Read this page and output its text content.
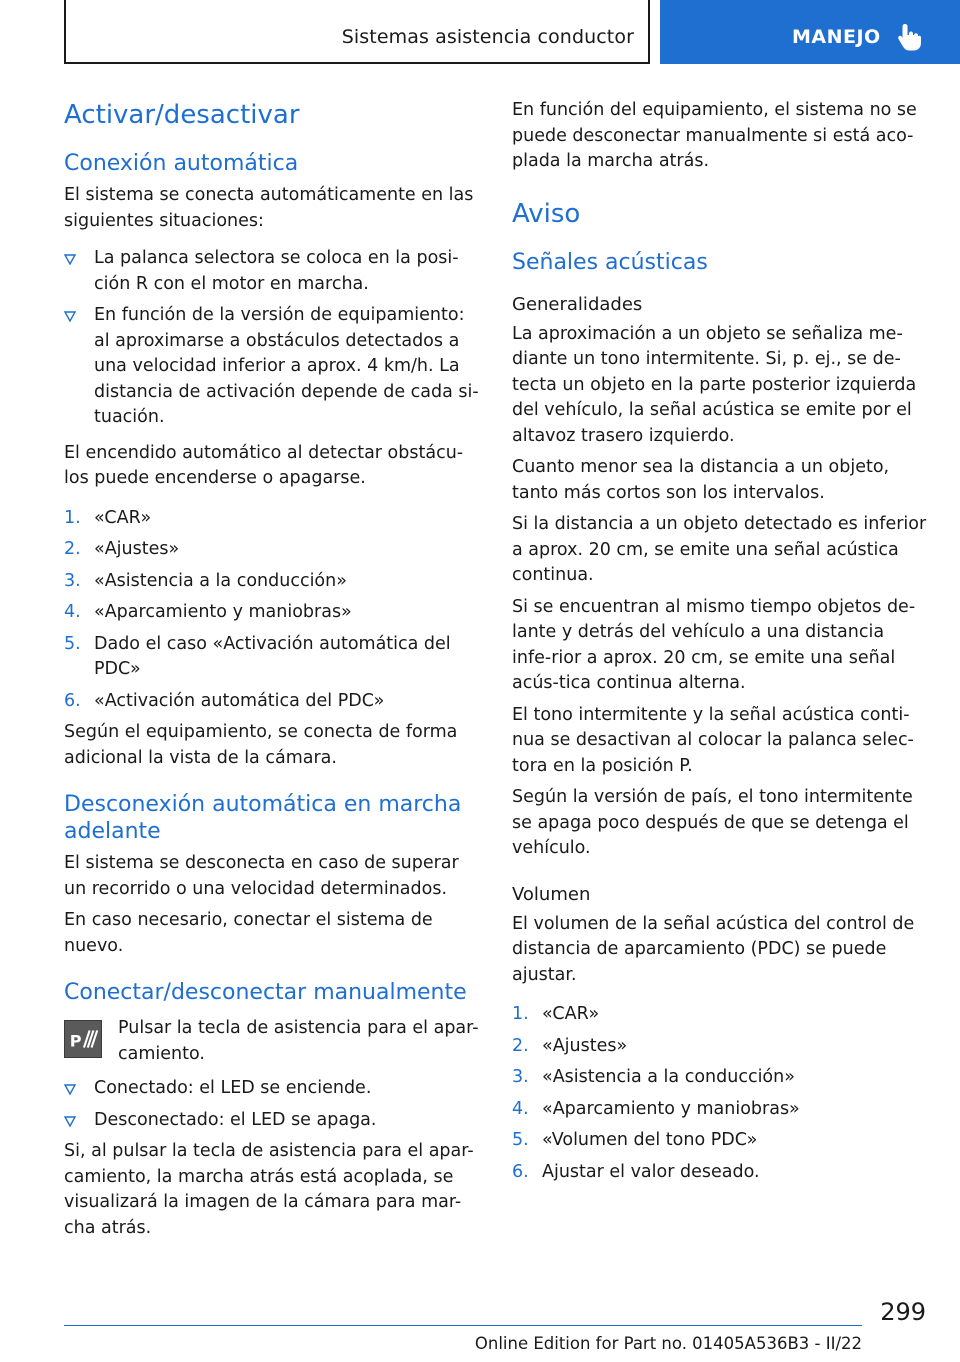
Sistemas asistencia conductor	MANEJO
Activar/desactivar
Conexión automática

El sistema se conecta automáticamente en las siguientes situaciones:

La palanca selectora se coloca en la posi-ción R con el motor en marcha.
En función de la versión de equipamiento: al aproximarse a obstáculos detectados a una velocidad inferior a aprox. 4 km/h. La distancia de activación depende de cada si-tuación.

El encendido automático al detectar obstácu-los puede encenderse o apagarse.

1. «CAR»
2. «Ajustes»
3. «Asistencia a la conducción»
4. «Aparcamiento y maniobras»
5. Dado el caso «Activación automática del PDC»
6. «Activación automática del PDC»

Según el equipamiento, se conecta de forma adicional la vista de la cámara.

Desconexión automática en marcha adelante

El sistema se desconecta en caso de superar un recorrido o una velocidad determinados.

En caso necesario, conectar el sistema de nuevo.

Conectar/desconectar manualmente
P

Pulsar la tecla de asistencia para el apar-camiento.

Conectado: el LED se enciende.
Desconectado: el LED se apaga.

Si, al pulsar la tecla de asistencia para el apar-camiento, la marcha atrás está acoplada, se visualizará la imagen de la cámara para mar-cha atrás.

En función del equipamiento, el sistema no se puede desconectar manualmente si está aco-plada la marcha atrás.

Aviso
Señales acústicas
Generalidades

La aproximación a un objeto se señaliza me-diante un tono intermitente. Si, p. ej., se de-tecta un objeto en la parte posterior izquierda del vehículo, la señal acústica se emite por el altavoz trasero izquierdo.

Cuanto menor sea la distancia a un objeto, tanto más cortos son los intervalos.

Si la distancia a un objeto detectado es inferior a aprox. 20 cm, se emite una señal acústica continua.

Si se encuentran al mismo tiempo objetos de-lante y detrás del vehículo a una distancia infe-rior a aprox. 20 cm, se emite una señal acús-tica continua alterna.

El tono intermitente y la señal acústica conti-nua se desactivan al colocar la palanca selec-tora en la posición P.

Según la versión de país, el tono intermitente se apaga poco después de que se detenga el vehículo.

Volumen

El volumen de la señal acústica del control de distancia de aparcamiento (PDC) se puede ajustar.

1. «CAR»
2. «Ajustes»
3. «Asistencia a la conducción»
4. «Aparcamiento y maniobras»
5. «Volumen del tono PDC»
6. Ajustar el valor deseado.
299
Online Edition for Part no. 01405A536B3 - II/22
